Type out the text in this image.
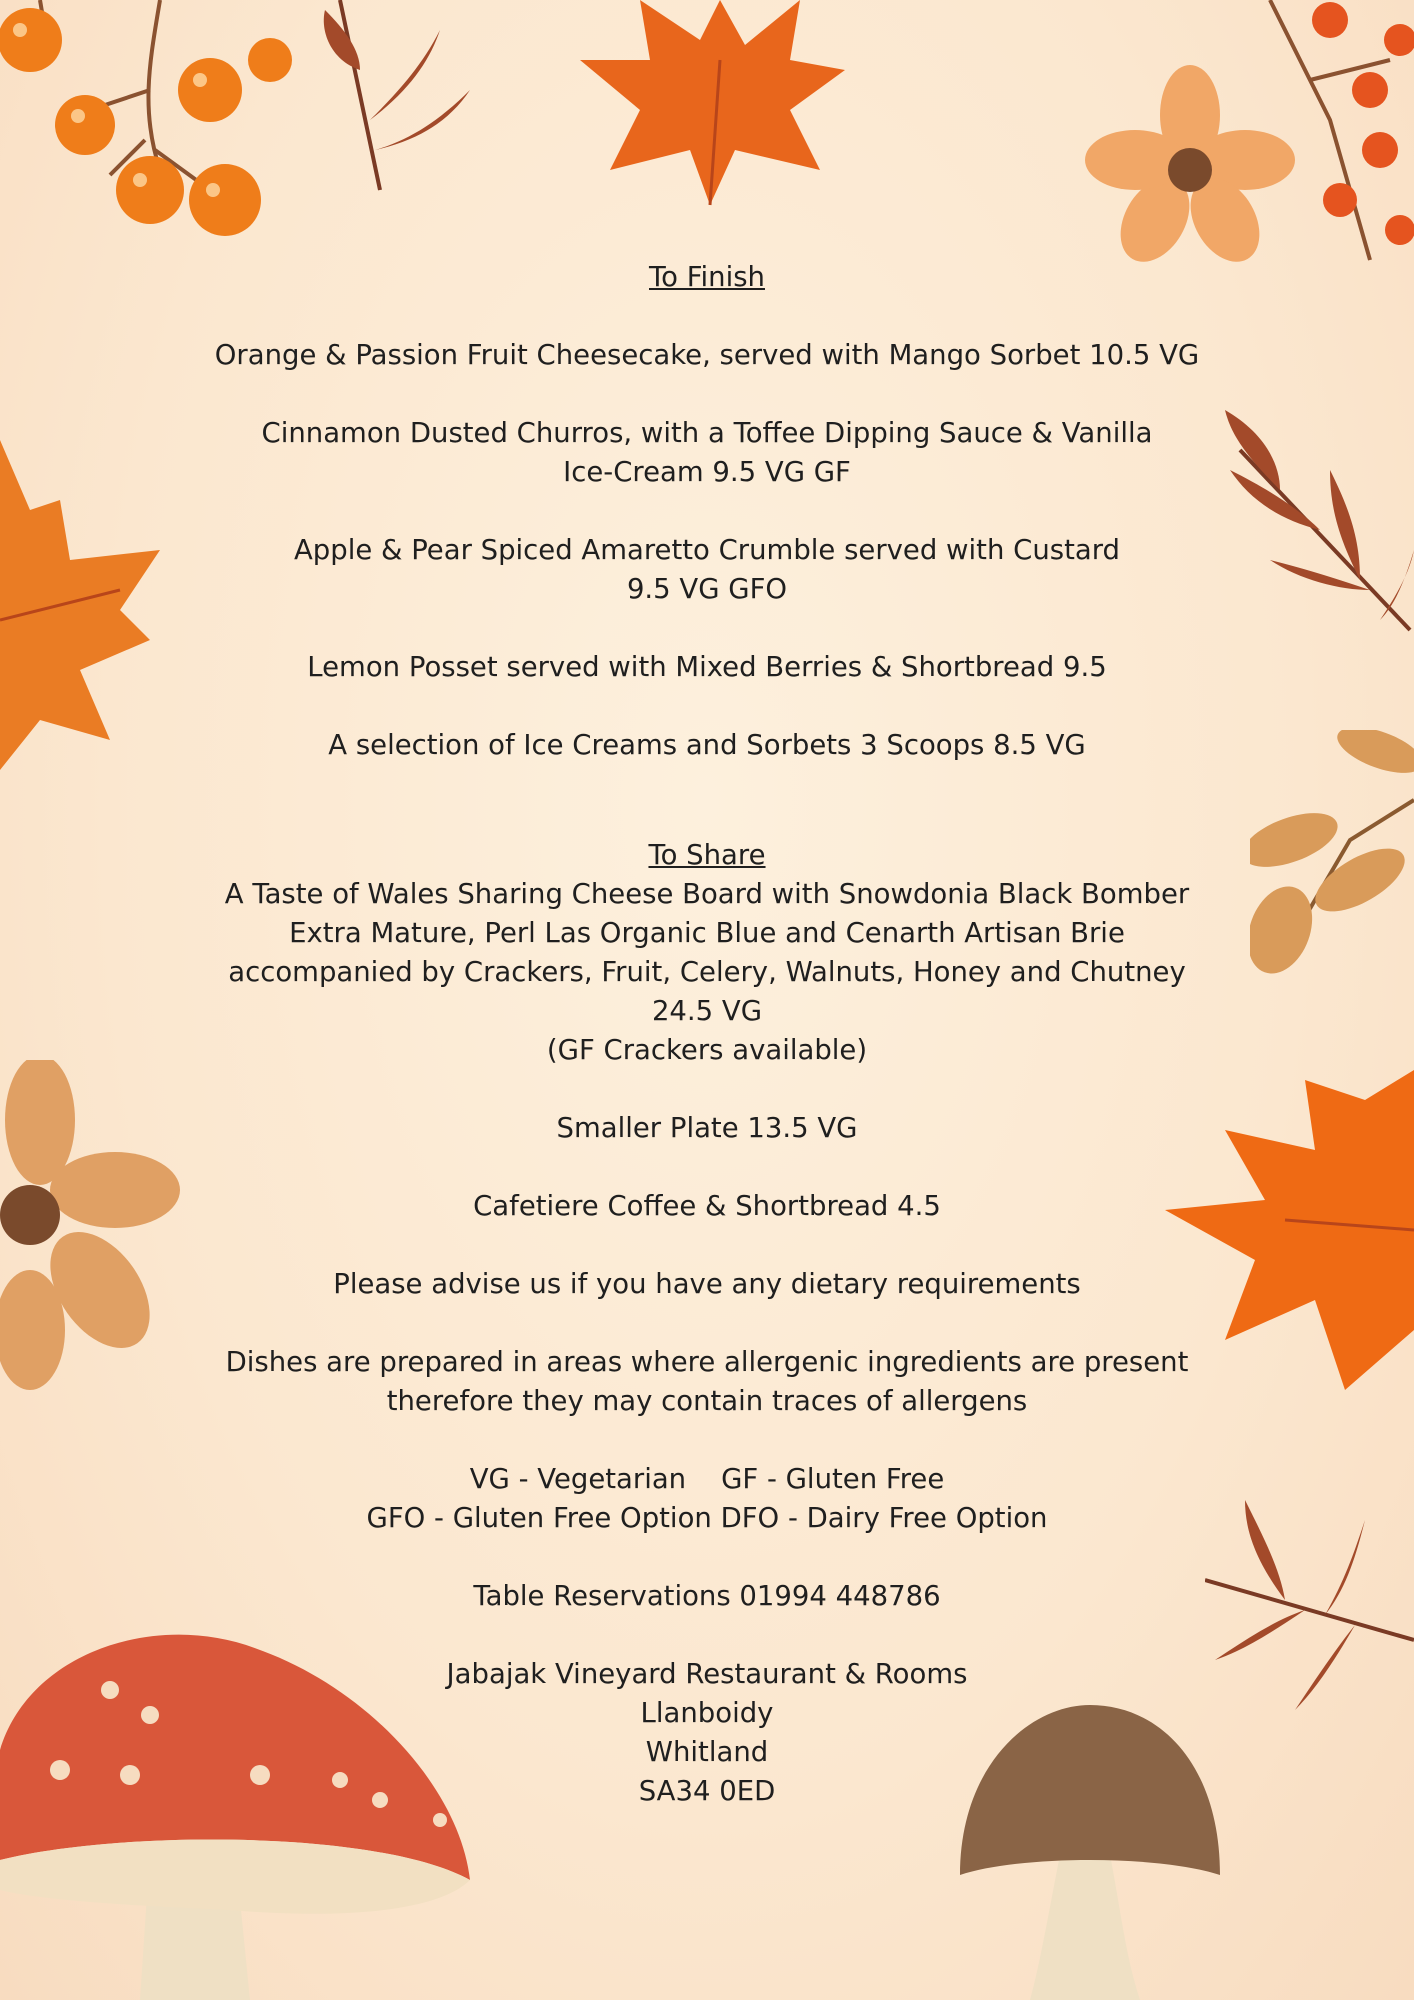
To Finish

Orange & Passion Fruit Cheesecake, served with Mango Sorbet 10.5 VG

Cinnamon Dusted Churros, with a Toffee Dipping Sauce & Vanilla

Ice-Cream 9.5 VG GF

Apple & Pear Spiced Amaretto Crumble served with Custard

9.5 VG GFO

Lemon Posset served with Mixed Berries & Shortbread 9.5

A selection of Ice Creams and Sorbets 3 Scoops 8.5 VG

To Share

A Taste of Wales Sharing Cheese Board with Snowdonia Black Bomber

Extra Mature, Perl Las Organic Blue and Cenarth Artisan Brie

accompanied by Crackers, Fruit, Celery, Walnuts, Honey and Chutney

24.5 VG

(GF Crackers available)

Smaller Plate 13.5 VG

Cafetiere Coffee & Shortbread 4.5

Please advise us if you have any dietary requirements

Dishes are prepared in areas where allergenic ingredients are present

therefore they may contain traces of allergens

VG - Vegetarian GF - Gluten Free

GFO - Gluten Free Option DFO - Dairy Free Option

Table Reservations 01994 448786

Jabajak Vineyard Restaurant & Rooms

Llanboidy

Whitland

SA34 0ED
